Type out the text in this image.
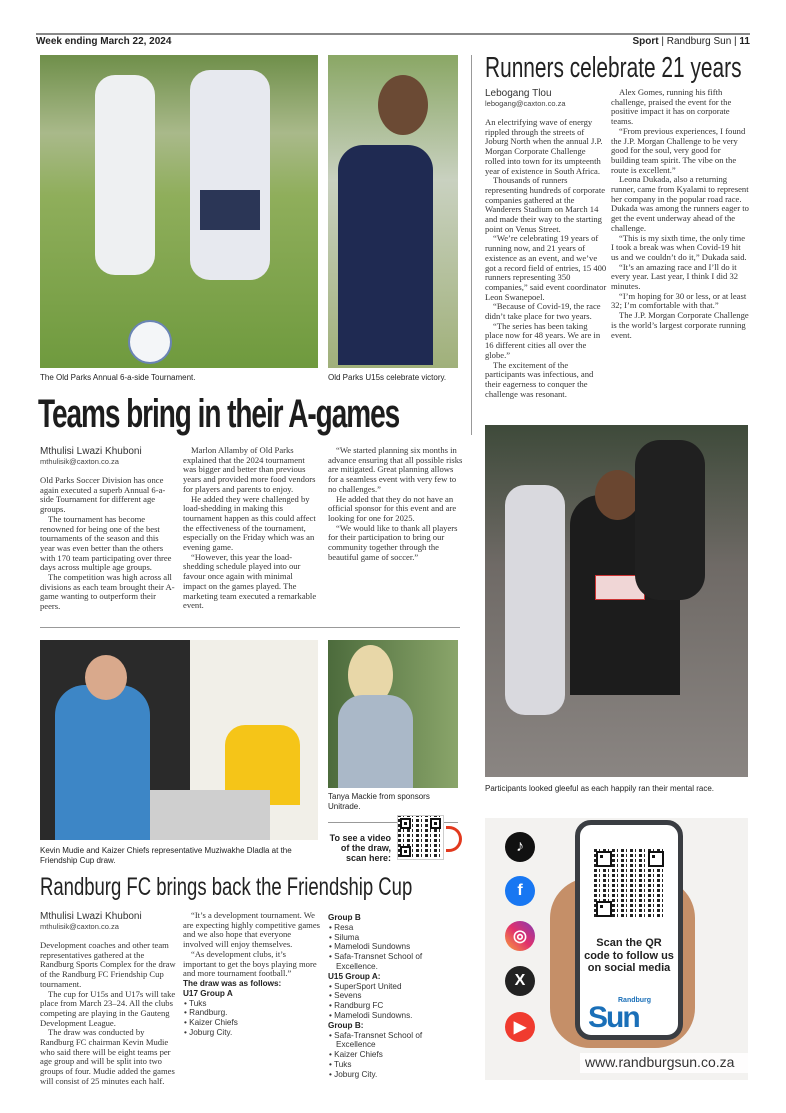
Week ending March 22, 2024	Sport | Randburg Sun | 11
The Old Parks Annual 6-a-side Tournament.	Old Parks U15s celebrate victory.
Teams bring in their A-games
Mthulisi Lwazi Khuboni
mthulisik@caxton.co.za

Old Parks Soccer Division has once again executed a superb Annual 6-a-side Tournament for different age groups.

The tournament has become renowned for being one of the best tournaments of the season and this year was even better than the others with 170 team participating over three days across multiple age groups.

The competition was high across all divisions as each team brought their A-game wanting to outperform their peers.

Marlon Allamby of Old Parks explained that the 2024 tournament was bigger and better than previous years and provided more food vendors for players and parents to enjoy.

He added they were challenged by load-shedding in making this tournament happen as this could affect the effectiveness of the tournament, especially on the Friday which was an evening game.

“However, this year the load-shedding schedule played into our favour once again with minimal impact on the games played. The marketing team executed a remarkable event.

“We started planning six months in advance ensuring that all possible risks are mitigated. Great planning allows for a seamless event with very few to no challenges.”

He added that they do not have an official sponsor for this event and are looking for one for 2025.

“We would like to thank all players for their participation to bring our community together through the beautiful game of soccer.”

Tanya Mackie from sponsors Unitrade.
To see a video of the draw, scan here:
Kevin Mudie and Kaizer Chiefs representative Muziwakhe Dladla at the Friendship Cup draw.
Randburg FC brings back the Friendship Cup
Mthulisi Lwazi Khuboni
mthulisik@caxton.co.za

Development coaches and other team representatives gathered at the Randburg Sports Complex for the draw of the Randburg FC Friendship Cup tournament.

The cup for U15s and U17s will take place from March 23–24. All the clubs competing are playing in the Gauteng Development League.

The draw was conducted by Randburg FC chairman Kevin Mudie who said there will be eight teams per age group and will be split into two groups of four. Mudie added the games will consist of 25 minutes each half.

“It’s a development tournament. We are expecting highly competitive games and we also hope that everyone involved will enjoy themselves.

“As development clubs, it’s important to get the boys playing more and more tournament football.”

The draw was as follows:
U17 Group A
• Tuks
• Randburg.
• Kaizer Chiefs
• Joburg City.
Group B
• Resa
• Siluma
• Mamelodi Sundowns
• Safa-Transnet School of Excellence.
U15 Group A:
• SuperSport United
• Sevens
• Randburg FC
• Mamelodi Sundowns.
Group B:
• Safa-Transnet School of Excellence
• Kaizer Chiefs
• Tuks
• Joburg City.
Runners celebrate 21 years
Lebogang Tlou
lebogang@caxton.co.za

An electrifying wave of energy rippled through the streets of Joburg North when the annual J.P. Morgan Corporate Challenge rolled into town for its umpteenth year of existence in South Africa.

Thousands of runners representing hundreds of corporate companies gathered at the Wanderers Stadium on March 14 and made their way to the starting point on Venus Street.

“We’re celebrating 19 years of running now, and 21 years of existence as an event, and we’ve got a record field of entries, 15 400 runners representing 350 companies,” said event coordinator Leon Swanepoel.

“Because of Covid-19, the race didn’t take place for two years.

“The series has been taking place now for 48 years. We are in 16 different cities all over the globe.”

The excitement of the participants was infectious, and their eagerness to conquer the challenge was resonant.

Alex Gomes, running his fifth challenge, praised the event for the positive impact it has on corporate teams.

“From previous experiences, I found the J.P. Morgan Challenge to be very good for the soul, very good for building team spirit. The vibe on the route is excellent.”

Leona Dukada, also a returning runner, came from Kyalami to represent her company in the popular road race. Dukada was among the runners eager to get the event underway ahead of the challenge.

“This is my sixth time, the only time I took a break was when Covid-19 hit us and we couldn’t do it,” Dukada said.

“It’s an amazing race and I’ll do it every year. Last year, I think I did 32 minutes.

“I’m hoping for 30 or less, or at least 32; I’m comfortable with that.”

The J.P. Morgan Corporate Challenge is the world’s largest corporate running event.

Participants looked gleeful as each happily ran their mental race.
♪
f
◎
X
▶
Scan the QR code to follow us on social media
Randburg
Sun
www.randburgsun.co.za
